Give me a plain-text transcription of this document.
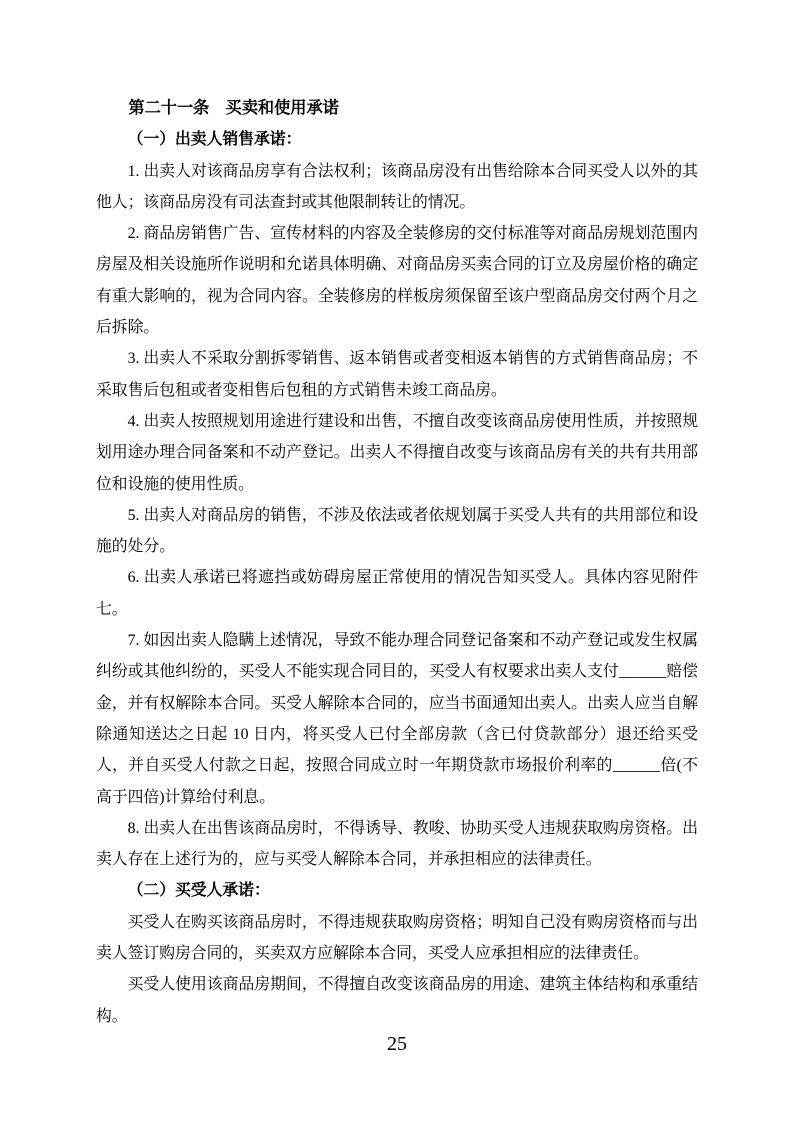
第二十一条　买卖和使用承诺

（一）出卖人销售承诺：

1. 出卖人对该商品房享有合法权利；该商品房没有出售给除本合同买受人以外的其他人；该商品房没有司法查封或其他限制转让的情况。

2. 商品房销售广告、宣传材料的内容及全装修房的交付标准等对商品房规划范围内房屋及相关设施所作说明和允诺具体明确、对商品房买卖合同的订立及房屋价格的确定有重大影响的，视为合同内容。全装修房的样板房须保留至该户型商品房交付两个月之后拆除。

3. 出卖人不采取分割拆零销售、返本销售或者变相返本销售的方式销售商品房；不采取售后包租或者变相售后包租的方式销售未竣工商品房。

4. 出卖人按照规划用途进行建设和出售，不擅自改变该商品房使用性质，并按照规划用途办理合同备案和不动产登记。出卖人不得擅自改变与该商品房有关的共有共用部位和设施的使用性质。

5. 出卖人对商品房的销售，不涉及依法或者依规划属于买受人共有的共用部位和设施的处分。

6. 出卖人承诺已将遮挡或妨碍房屋正常使用的情况告知买受人。具体内容见附件七。

7. 如因出卖人隐瞒上述情况，导致不能办理合同登记备案和不动产登记或发生权属纠纷或其他纠纷的，买受人不能实现合同目的，买受人有权要求出卖人支付______赔偿金，并有权解除本合同。买受人解除本合同的，应当书面通知出卖人。出卖人应当自解除通知送达之日起 10 日内，将买受人已付全部房款（含已付贷款部分）退还给买受人，并自买受人付款之日起，按照合同成立时一年期贷款市场报价利率的______倍(不高于四倍)计算给付利息。

8. 出卖人在出售该商品房时，不得诱导、教唆、协助买受人违规获取购房资格。出卖人存在上述行为的，应与买受人解除本合同，并承担相应的法律责任。

（二）买受人承诺：

买受人在购买该商品房时，不得违规获取购房资格；明知自己没有购房资格而与出卖人签订购房合同的，买卖双方应解除本合同，买受人应承担相应的法律责任。

买受人使用该商品房期间，不得擅自改变该商品房的用途、建筑主体结构和承重结构。

25
